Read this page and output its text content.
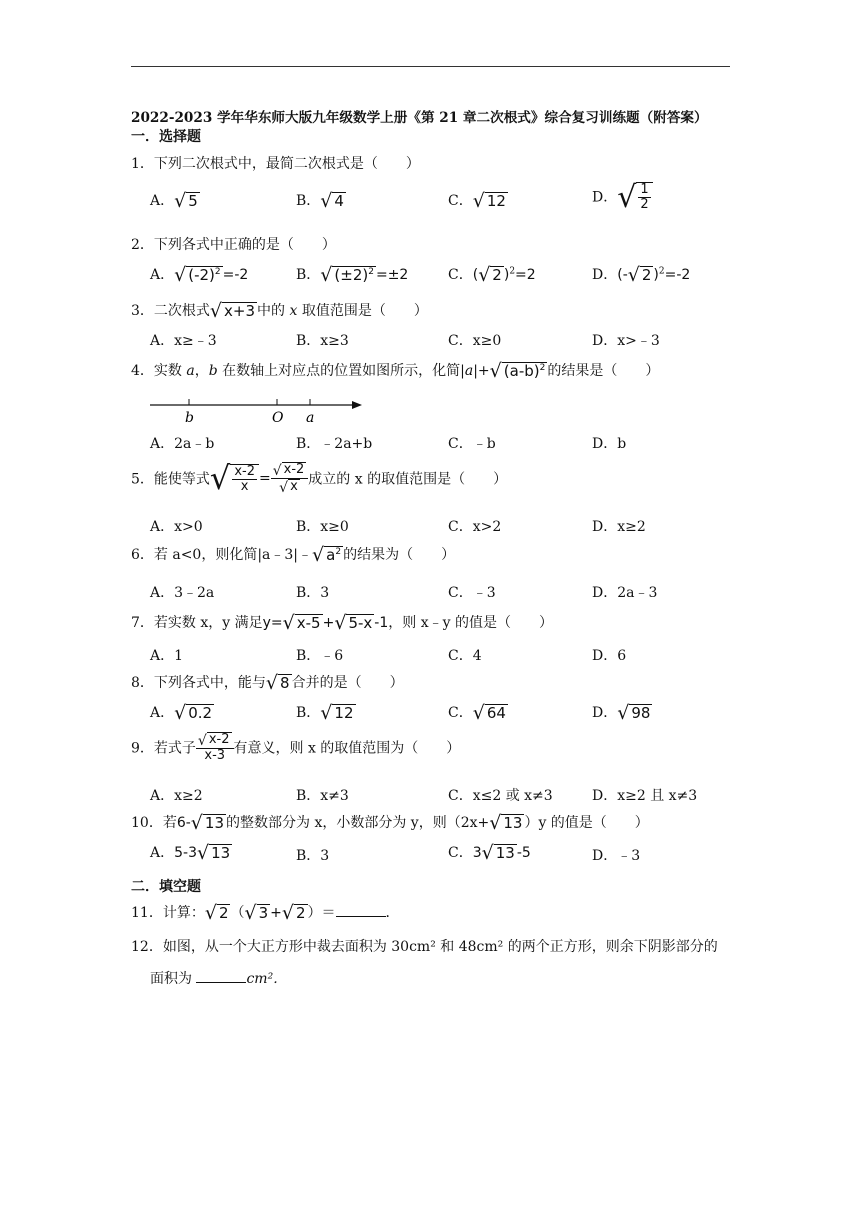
2022-2023 学年华东师大版九年级数学上册《第 21 章二次根式》综合复习训练题（附答案）
一．选择题
1．下列二次根式中，最简二次根式是（　　）
A． √ 5	B． √ 4	C． √ 12	D． √ $\frac{1}{2}$
2．下列各式中正确的是（　　）
A． √ $(-2)^2 =-2$	B． √ $(\pm 2)^2 =\pm 2$	C．( √ 2 )$^2$=2	D．(- √ 2 )$^2$=-2
3．二次根式 √ x+3 中的 x 取值范围是（　　）
A．x≥﹣3	B．x≥3	C．x≥0	D．x>﹣3
4．实数 a，b 在数轴上对应点的位置如图所示，化简|a|+ √ $(a-b)^2$ 的结果是（　　）
b	O a
A．2a﹣b	B．﹣2a+b	C．﹣b	D．b
5．能使等式 √ $\frac{x-2}{x} = \frac{√ x-2}{√ x}$ 成立的 x 的取值范围是（　　）
A．x>0	B．x≥0	C．x>2	D．x≥2
6．若 a<0，则化简|a﹣3|﹣ √ $a^2$ 的结果为（　　）
A．3﹣2a	B．3	C．﹣3	D．2a﹣3
7．若实数 x，y 满足y= √ x-5 + √ 5-x -1，则 x﹣y 的值是（　　）
A．1	B．﹣6	C．4	D．6
8．下列各式中，能与 √ 8 合并的是（　　）
A． √ 0.2	B． √ 12	C． √ 64	D． √ 98
9．若式子 $\frac{√ x-2}{x-3}$ 有意义，则 x 的取值范围为（　　）
A．x≥2	B．x≠3	C．x≤2 或 x≠3	D．x≥2 且 x≠3
10．若6- √ 13 的整数部分为 x，小数部分为 y，则（2x+ √ 13 ）y 的值是（　　）
A．5-3 √ 13	B．3	C．3 √ 13 -5	D．﹣3
二．填空题
11．计算： √ 2 （ √ 3 + √ 2 ）＝	．
12．如图，从一个大正方形中裁去面积为 30cm² 和 48cm² 的两个正方形，则余下阴影部分的
面积为	cm²．
